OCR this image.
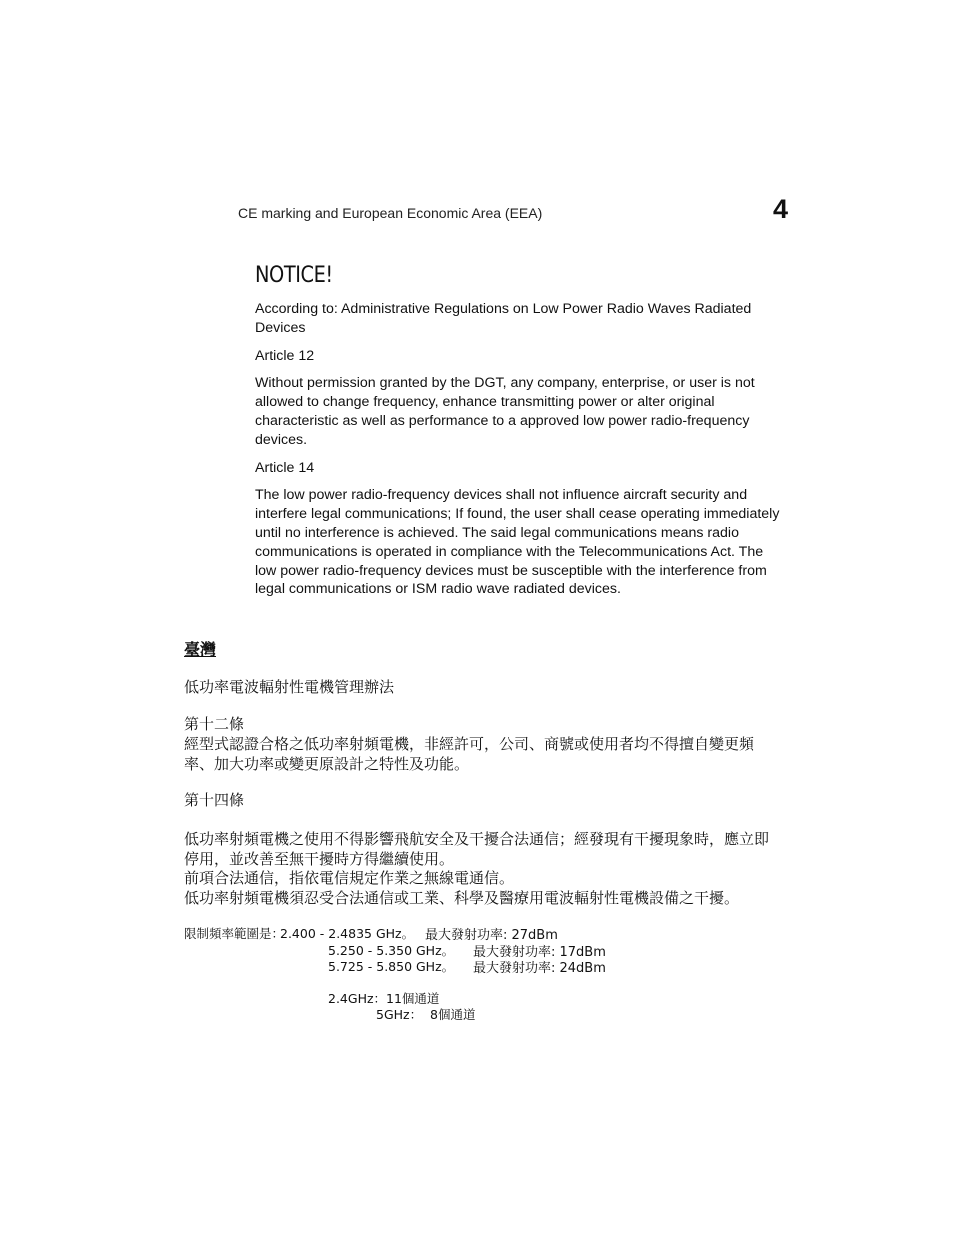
CE marking and European Economic Area (EEA)	4
NOTICE!

According to: Administrative Regulations on Low Power Radio Waves Radiated Devices

Article 12

Without permission granted by the DGT, any company, enterprise, or user is not allowed to change frequency, enhance transmitting power or alter original characteristic as well as performance to a approved low power radio-frequency devices.

Article 14

The low power radio-frequency devices shall not influence aircraft security and interfere legal communications; If found, the user shall cease operating immediately until no interference is achieved. The said legal communications means radio communications is operated in compliance with the Telecommunications Act. The low power radio-frequency devices must be susceptible with the interference from legal communications or ISM radio wave radiated devices.

臺灣
低功率電波輻射性電機管理辦法
第十二條
經型式認證合格之低功率射頻電機，非經許可，公司、商號或使用者均不得擅自變更頻
率、加大功率或變更原設計之特性及功能。
第十四條
低功率射頻電機之使用不得影響飛航安全及干擾合法通信；經發現有干擾現象時，應立即
停用，並改善至無干擾時方得繼續使用。
前項合法通信，指依電信規定作業之無線電通信。
低功率射頻電機須忍受合法通信或工業、科學及醫療用電波輻射性電機設備之干擾。
限制頻率範圍是：
2.400 - 2.4835 GHz。 最大發射功率: 27dBm
5.250 - 5.350 GHz。 最大發射功率: 17dBm
5.725 - 5.850 GHz。 最大發射功率: 24dBm
2.4GHz：11個通道
5GHz：  8個通道
